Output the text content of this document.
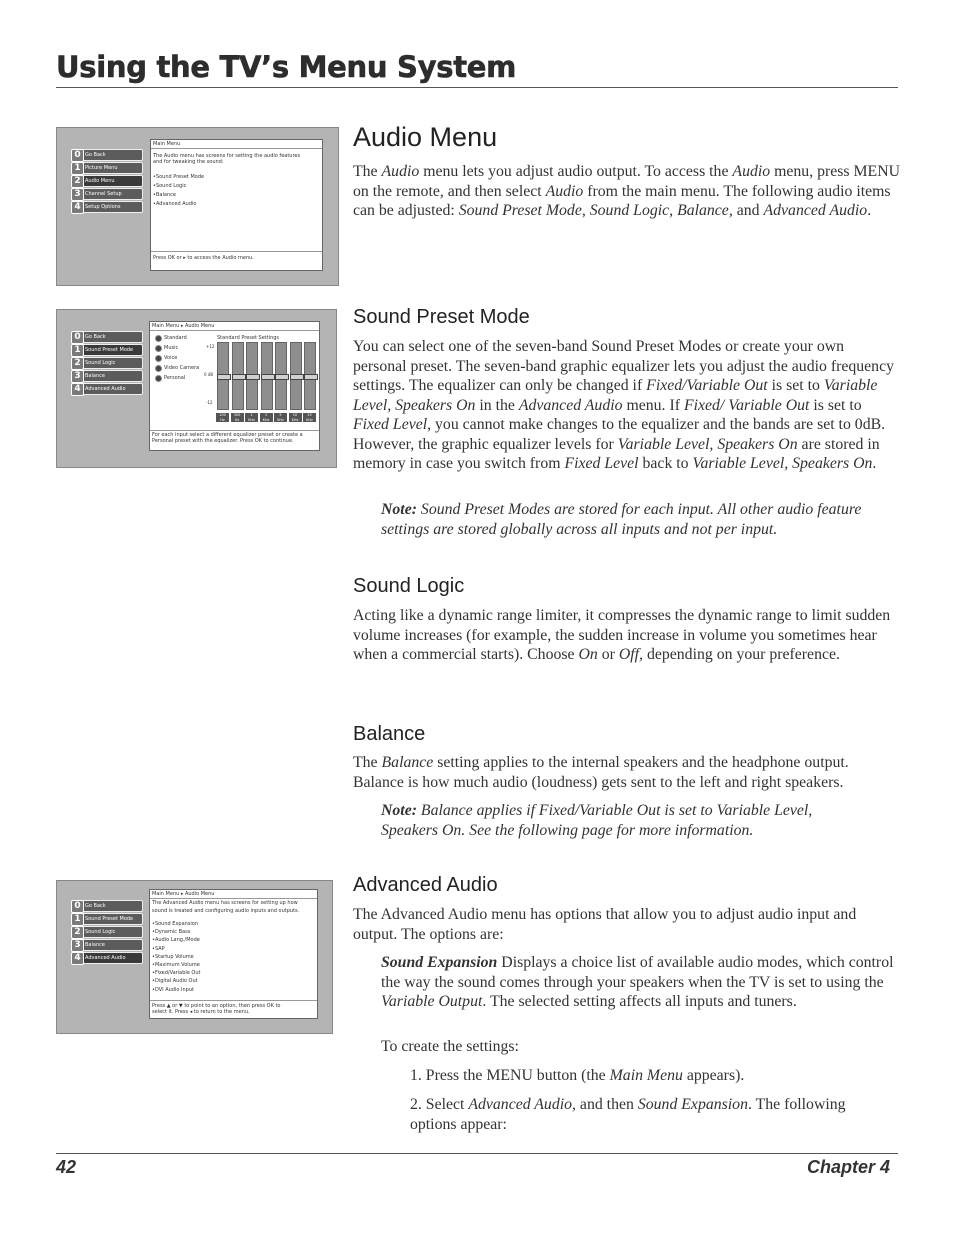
Using the TV’s Menu System
0 Go Back
1 Picture Menu
2 Audio Menu
3 Channel Setup
4 Setup Options
Main Menu
The Audio menu has screens for setting the audio features
and for tweaking the sound:
•Sound Preset Mode
•Sound Logic
•Balance
•Advanced Audio
Press OK or ▸ to access the Audio menu.
0 Go Back
1 Sound Preset Mode
2 Sound Logic
3 Balance
4 Advanced Audio
Main Menu ▸ Audio Menu
Standard
Music
Voice
Video Camera
Personal
Standard Preset Settings
+12
0 dB
-12
100
Hz
300
Hz
1
KHz
3
KHz
5
KHz
10
KHz
15
KHz
For each input select a different equalizer preset or create a
Personal preset with the equalizer. Press OK to continue.
0 Go Back
1 Sound Preset Mode
2 Sound Logic
3 Balance
4 Advanced Audio
Main Menu ▸ Audio Menu
The Advanced Audio menu has screens for setting up how
sound is treated and configuring audio inputs and outputs.
•Sound Expansion
•Dynamic Bass
•Audio Lang./Mode
•SAP
•Startup Volume
•Maximum Volume
•Fixed/Variable Out
•Digital Audio Out
•DVI Audio Input
Press ▲ or ▼ to point to an option, then press OK to
select it. Press ◂ to return to the menu.
Audio Menu
The Audio menu lets you adjust audio output. To access the Audio menu, press MENU on the remote, and then select Audio from the main menu. The following audio items can be adjusted: Sound Preset Mode, Sound Logic, Balance, and Advanced Audio.
Sound Preset Mode
You can select one of the seven-band Sound Preset Modes or create your own personal preset. The seven-band graphic equalizer lets you adjust the audio frequency settings. The equalizer can only be changed if Fixed/Variable Out is set to Variable Level, Speakers On in the Advanced Audio menu. If Fixed/ Variable Out is set to Fixed Level, you cannot make changes to the equalizer and the bands are set to 0dB. However, the graphic equalizer levels for Variable Level, Speakers On are stored in memory in case you switch from Fixed Level back to Variable Level, Speakers On.
Note: Sound Preset Modes are stored for each input. All other audio feature settings are stored globally across all inputs and not per input.
Sound Logic
Acting like a dynamic range limiter, it compresses the dynamic range to limit sudden volume increases (for example, the sudden increase in volume you sometimes hear when a commercial starts). Choose On or Off, depending on your preference.
Balance
The Balance setting applies to the internal speakers and the headphone output. Balance is how much audio (loudness) gets sent to the left and right speakers.
Note: Balance applies if Fixed/Variable Out is set to Variable Level, Speakers On. See the following page for more information.
Advanced Audio
The Advanced Audio menu has options that allow you to adjust audio input and output. The options are:
Sound Expansion Displays a choice list of available audio modes, which control the way the sound comes through your speakers when the TV is set to using the Variable Output. The selected setting affects all inputs and tuners.
To create the settings:
1. Press the MENU button (the Main Menu appears).
2. Select Advanced Audio, and then Sound Expansion. The following options appear:
42	Chapter 4
